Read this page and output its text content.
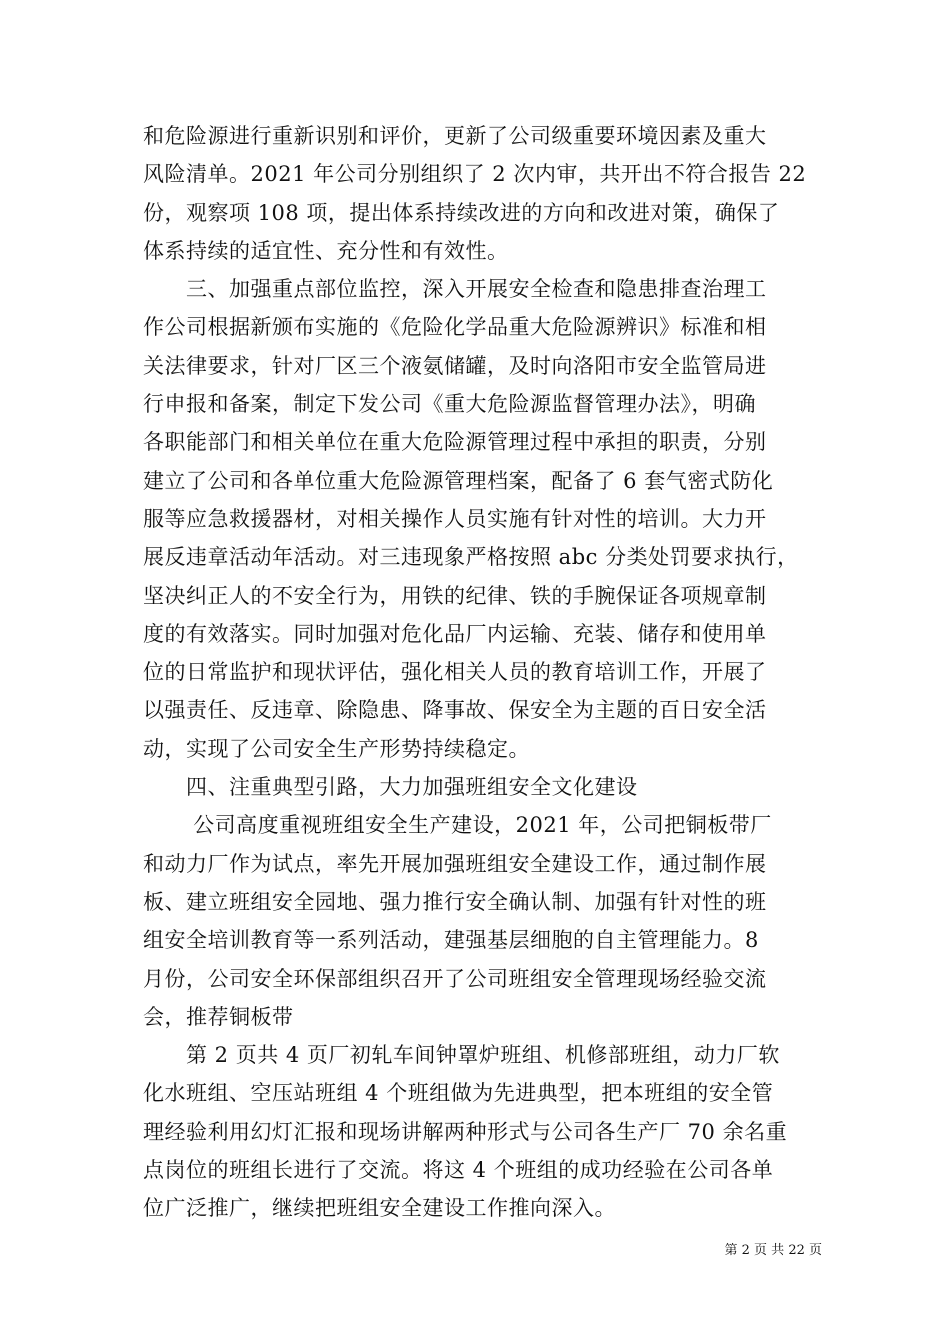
和危险源进行重新识别和评价，更新了公司级重要环境因素及重大
风险清单。2021 年公司分别组织了 2 次内审，共开出不符合报告 22
份，观察项 108 项，提出体系持续改进的方向和改进对策，确保了
体系持续的适宜性、充分性和有效性。
　　三、加强重点部位监控，深入开展安全检查和隐患排查治理工
作公司根据新颁布实施的《危险化学品重大危险源辨识》标准和相
关法律要求，针对厂区三个液氨储罐，及时向洛阳市安全监管局进
行申报和备案，制定下发公司《重大危险源监督管理办法》，明确
各职能部门和相关单位在重大危险源管理过程中承担的职责，分别
建立了公司和各单位重大危险源管理档案，配备了 6 套气密式防化
服等应急救援器材，对相关操作人员实施有针对性的培训。大力开
展反违章活动年活动。对三违现象严格按照 abc 分类处罚要求执行，
坚决纠正人的不安全行为，用铁的纪律、铁的手腕保证各项规章制
度的有效落实。同时加强对危化品厂内运输、充装、储存和使用单
位的日常监护和现状评估，强化相关人员的教育培训工作，开展了
以强责任、反违章、除隐患、降事故、保安全为主题的百日安全活
动，实现了公司安全生产形势持续稳定。
　　四、注重典型引路，大力加强班组安全文化建设
　　 公司高度重视班组安全生产建设，2021 年，公司把铜板带厂
和动力厂作为试点，率先开展加强班组安全建设工作，通过制作展
板、建立班组安全园地、强力推行安全确认制、加强有针对性的班
组安全培训教育等一系列活动，建强基层细胞的自主管理能力。8
月份，公司安全环保部组织召开了公司班组安全管理现场经验交流
会，推荐铜板带
　　第 2 页共 4 页厂初轧车间钟罩炉班组、机修部班组，动力厂软
化水班组、空压站班组 4 个班组做为先进典型，把本班组的安全管
理经验利用幻灯汇报和现场讲解两种形式与公司各生产厂 70 余名重
点岗位的班组长进行了交流。将这 4 个班组的成功经验在公司各单
位广泛推广，继续把班组安全建设工作推向深入。
第 2 页 共 22 页
